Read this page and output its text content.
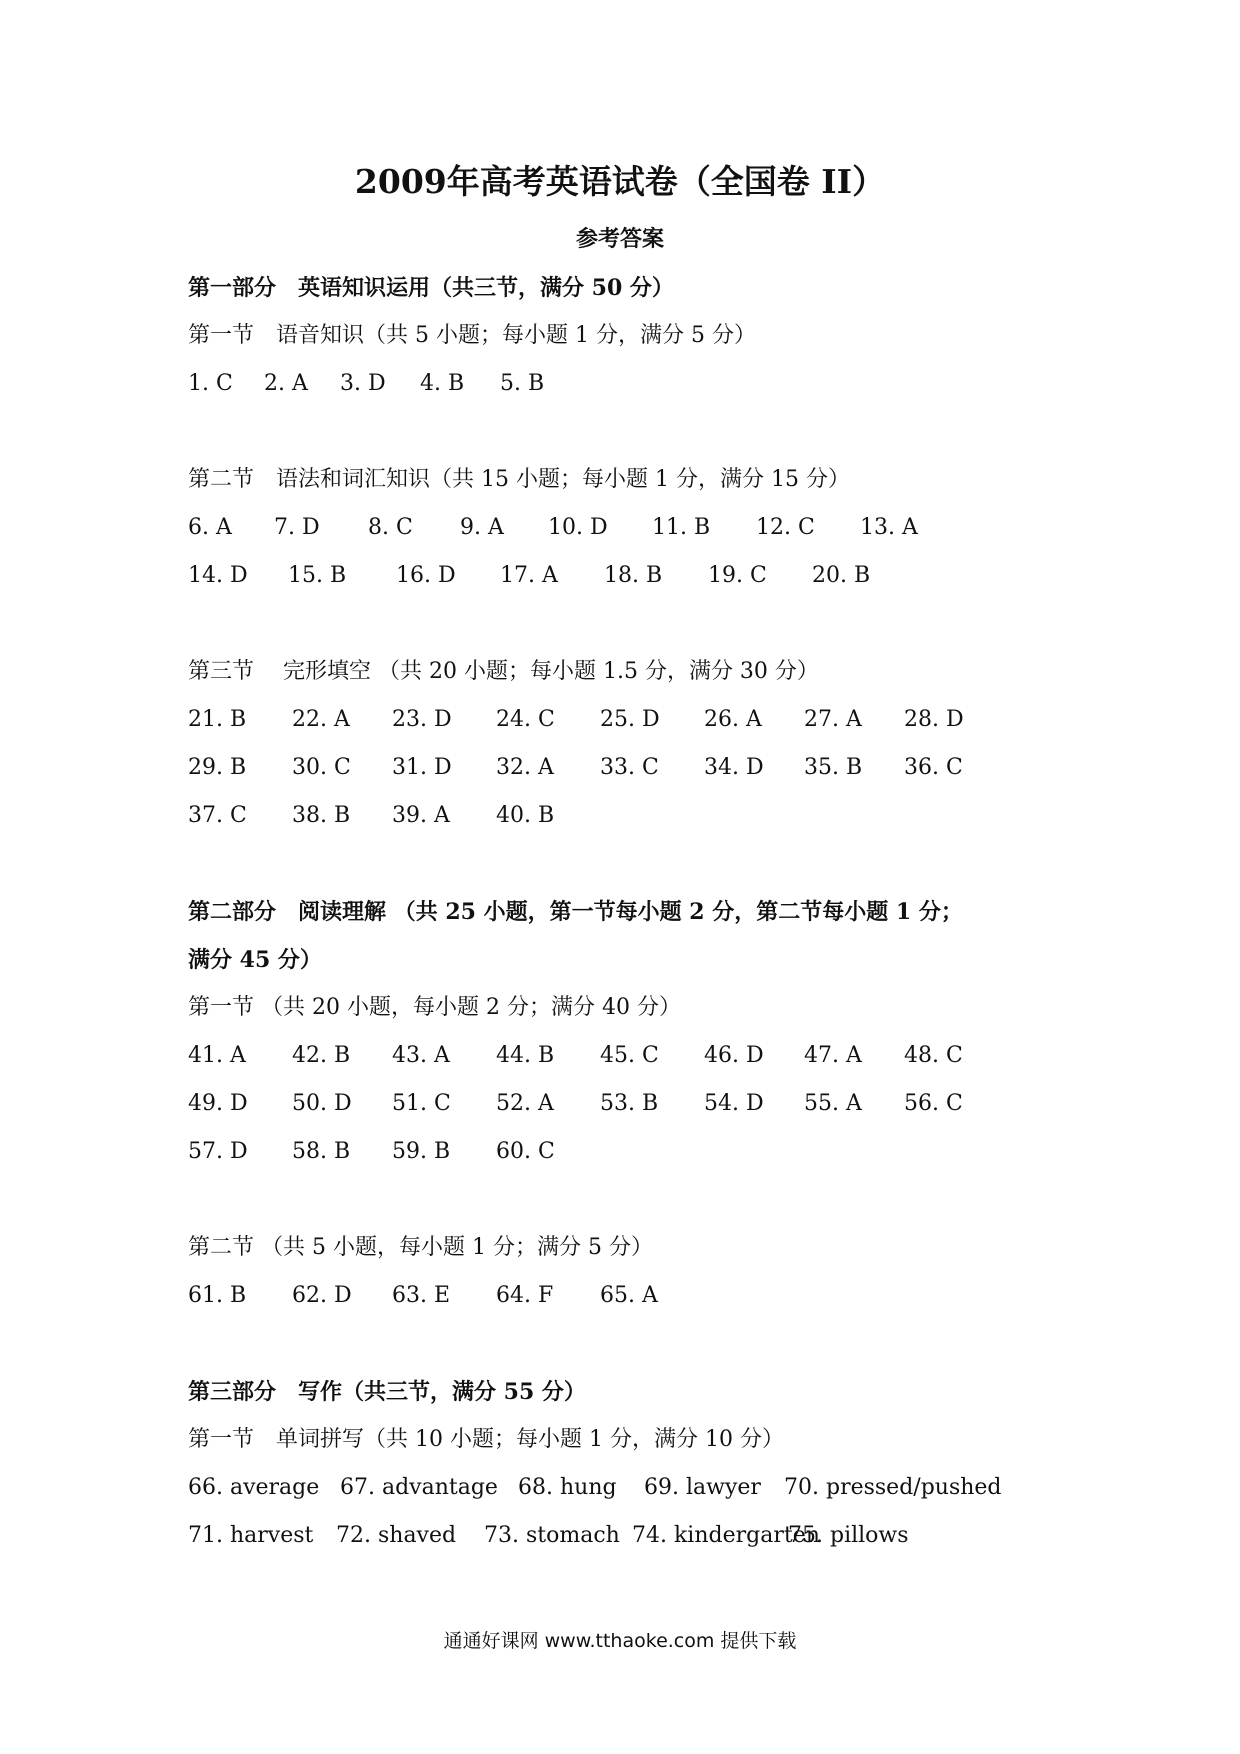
2009年高考英语试卷（全国卷 II）
参考答案
第一部分　英语知识运用（共三节，满分 50 分）
第一节　语音知识（共 5 小题；每小题 1 分，满分 5 分）
1. C 2. A 3. D 4. B 5. B
第二节　语法和词汇知识（共 15 小题；每小题 1 分，满分 15 分）
6. A 7. D 8. C 9. A 10. D 11. B 12. C 13. A
14. D 15. B 16. D 17. A 18. B 19. C 20. B
第三节　 完形填空 （共 20 小题；每小题 1.5 分，满分 30 分）
21. B 22. A 23. D 24. C 25. D 26. A 27. A 28. D
29. B 30. C 31. D 32. A 33. C 34. D 35. B 36. C
37. C 38. B 39. A 40. B
第二部分　阅读理解 （共 25 小题，第一节每小题 2 分，第二节每小题 1 分；
满分 45 分）
第一节 （共 20 小题，每小题 2 分；满分 40 分）
41. A 42. B 43. A 44. B 45. C 46. D 47. A 48. C
49. D 50. D 51. C 52. A 53. B 54. D 55. A 56. C
57. D 58. B 59. B 60. C
第二节 （共 5 小题，每小题 1 分；满分 5 分）
61. B 62. D 63. E 64. F 65. A
第三部分　写作（共三节，满分 55 分）
第一节　单词拼写（共 10 小题；每小题 1 分，满分 10 分）
66. average 67. advantage 68. hung 69. lawyer 70. pressed/pushed
71. harvest 72. shaved 73. stomach 74. kindergarten
75. pillows
通通好课网 www.tthaoke.com 提供下载
